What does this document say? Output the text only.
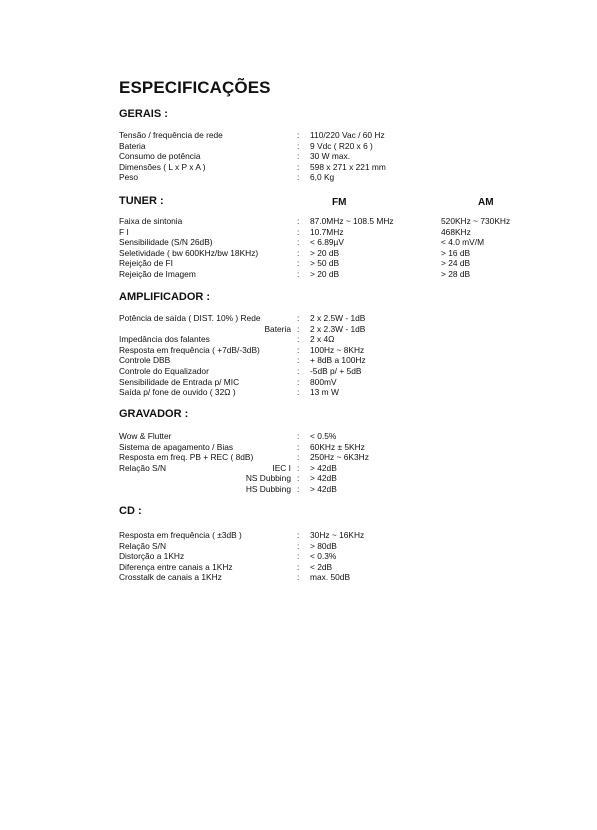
ESPECIFICAÇÕES
GERAIS :
Tensão / frequência de rede	: 110/220 Vac / 60 Hz
Bateria	: 9 Vdc ( R20 x 6 )
Consumo de potência	: 30 W max.
Dimensões ( L x P x A )	: 598 x 271 x 221 mm
Peso	: 6,0 Kg
TUNER :	FM	AM
Faixa de sintonia	: 87.0MHz ~ 108.5 MHz	520KHz ~ 730KHz
F I	: 10.7MHz	468KHz
Sensibilidade (S/N 26dB)	: < 6.89µV	< 4.0 mV/M
Seletividade ( bw 600KHz/bw 18KHz)	: > 20 dB	> 16 dB
Rejeição de FI	: > 50 dB	> 24 dB
Rejeição de Imagem	: > 20 dB	> 28 dB
AMPLIFICADOR :
Potência de saída ( DIST. 10% ) Rede	: 2 x 2.5W - 1dB
Bateria : 2 x 2.3W - 1dB
Impedância dos falantes	: 2 x 4Ω
Resposta em frequência ( +7dB/-3dB)	: 100Hz ~ 8KHz
Controle DBB	: + 8dB a 100Hz
Controle do Equalizador	: -5dB p/ + 5dB
Sensibilidade de Entrada p/ MIC	: 800mV
Saída p/ fone de ouvido ( 32Ω )	: 13 m W
GRAVADOR :
Wow & Flutter	: < 0.5%
Sistema de apagamento / Bias	: 60KHz ± 5KHz
Resposta em freq. PB + REC ( 8dB)	: 250Hz ~ 6K3Hz
Relação S/N	IEC I : > 42dB
NS Dubbing : > 42dB
HS Dubbing : > 42dB
CD :
Resposta em frequência ( ±3dB )	: 30Hz ~ 16KHz
Relação S/N	: > 80dB
Distorção a 1KHz	: < 0.3%
Diferença entre canais a 1KHz	: < 2dB
Crosstalk de canais a 1KHz	: max. 50dB
